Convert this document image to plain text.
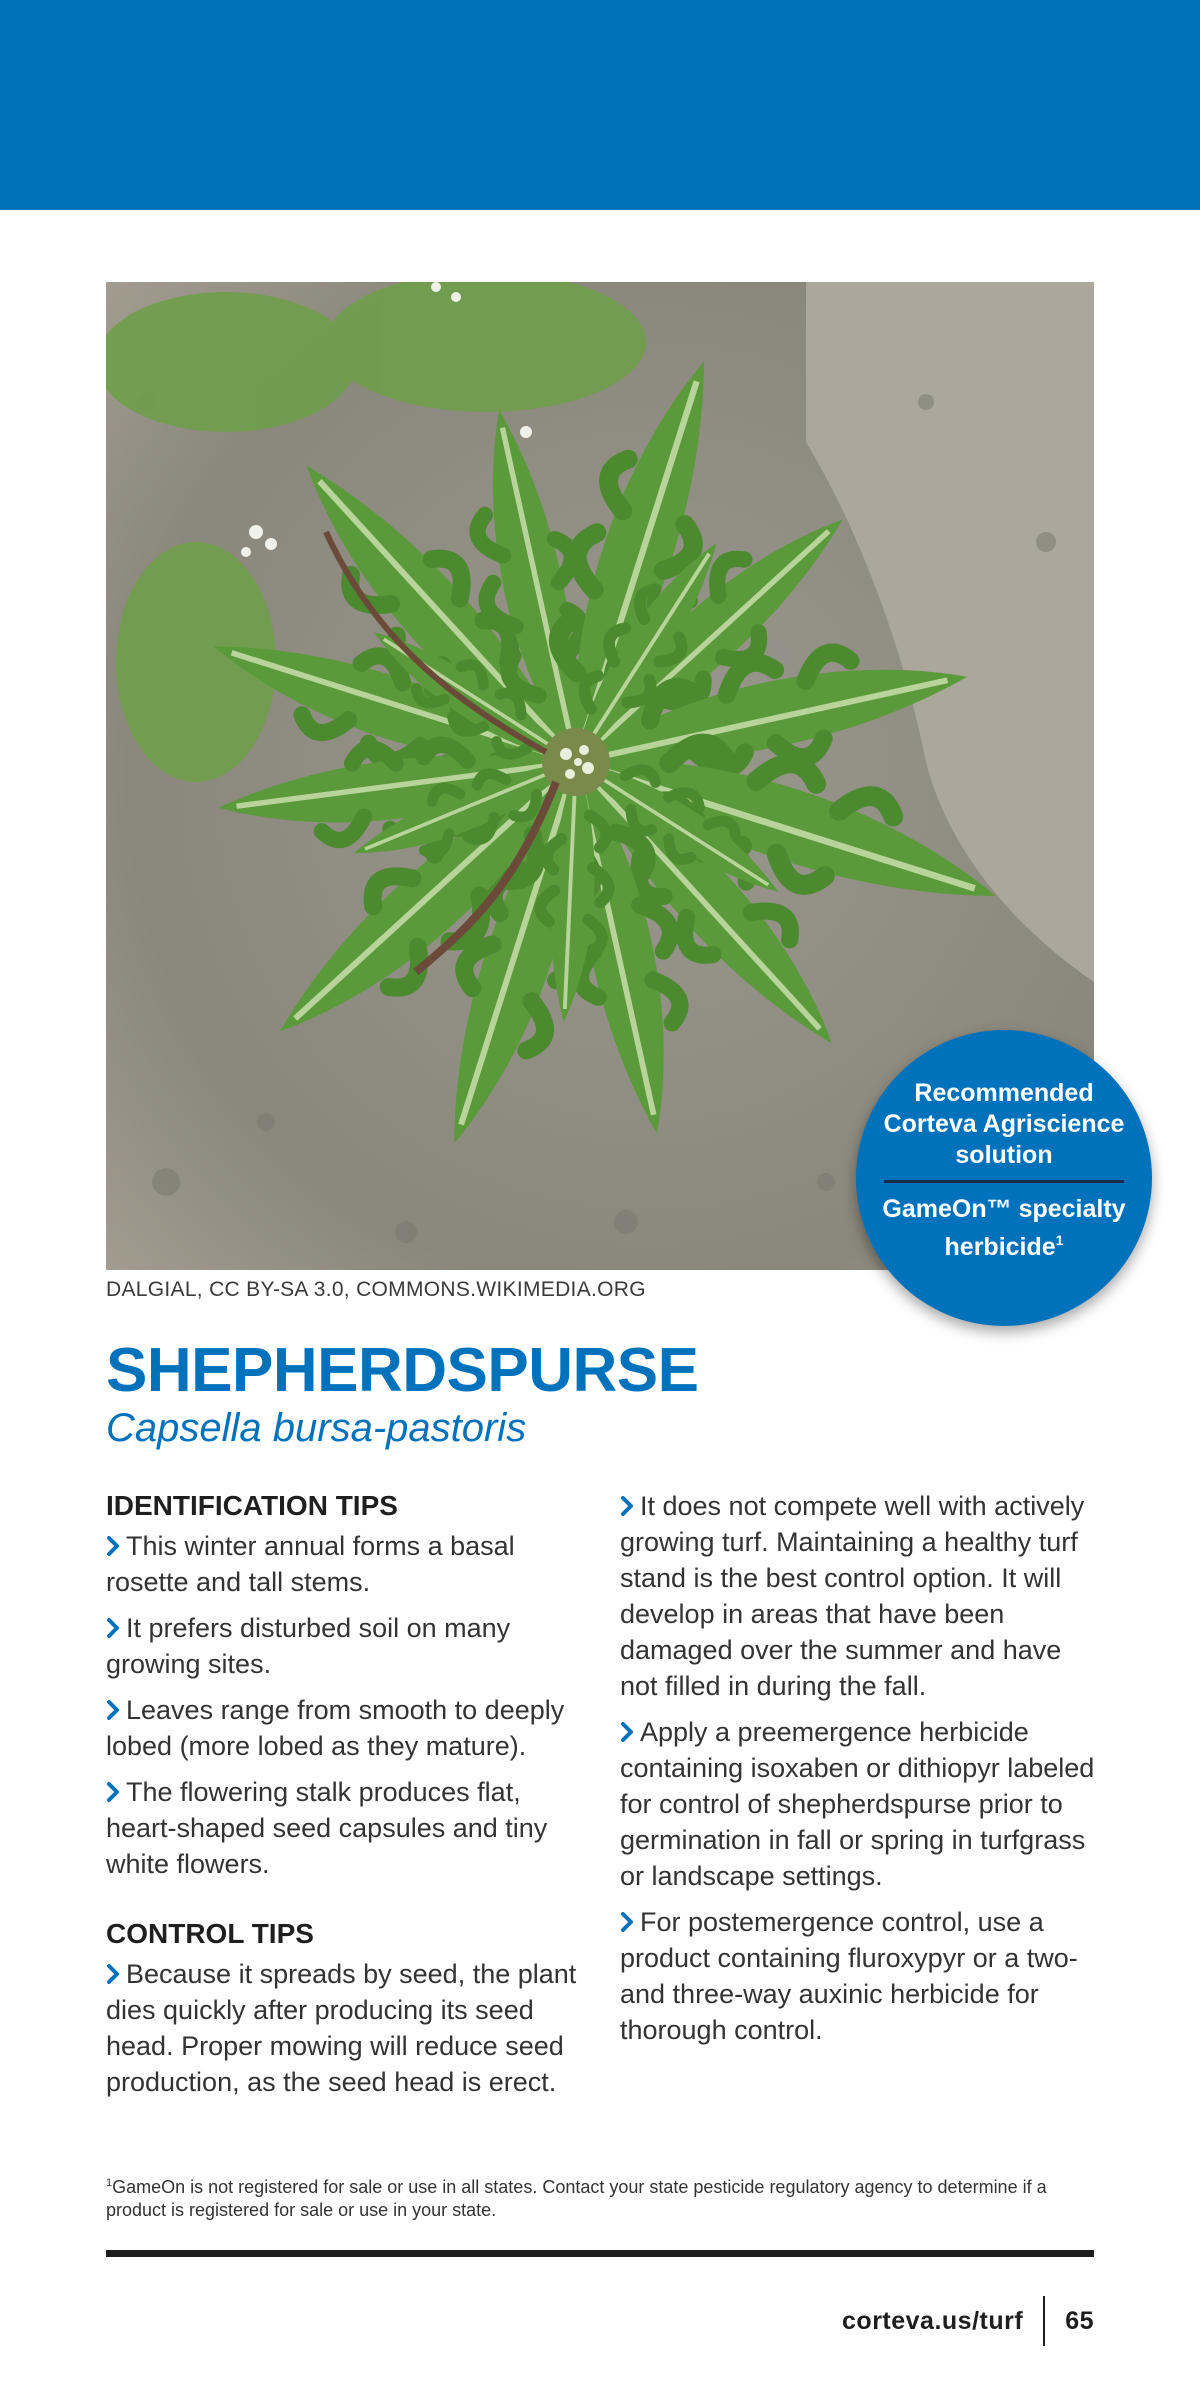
DALGIAL, CC BY-SA 3.0, COMMONS.WIKIMEDIA.ORG
Recommended Corteva Agriscience solution
GameOn™ specialty herbicide$^1$
SHEPHERDSPURSE
Capsella bursa-pastoris
IDENTIFICATION TIPS

This winter annual forms a basal rosette and tall stems.

It prefers disturbed soil on many growing sites.

Leaves range from smooth to deeply lobed (more lobed as they mature).

The flowering stalk produces flat, heart-shaped seed capsules and tiny white flowers.

CONTROL TIPS

Because it spreads by seed, the plant dies quickly after producing its seed head. Proper mowing will reduce seed production, as the seed head is erect.

It does not compete well with actively growing turf. Maintaining a healthy turf stand is the best control option. It will develop in areas that have been damaged over the summer and have not filled in during the fall.

Apply a preemergence herbicide containing isoxaben or dithiopyr labeled for control of shepherdspurse prior to germination in fall or spring in turfgrass or landscape settings.

For postemergence control, use a product containing fluroxypyr or a two- and three-way auxinic herbicide for thorough control.

$^1$GameOn is not registered for sale or use in all states. Contact your state pesticide regulatory agency to determine if a product is registered for sale or use in your state.
corteva.us/turf 65
